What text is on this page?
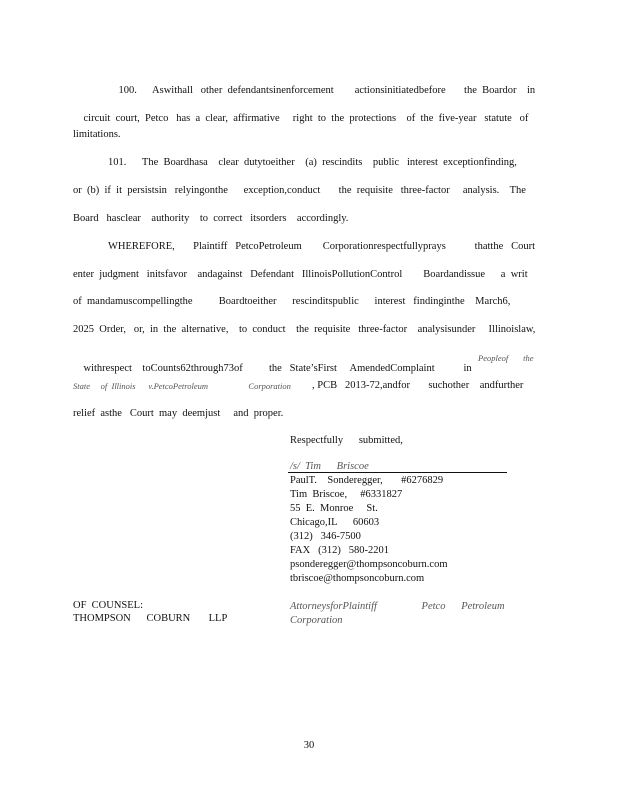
100.      Aswithall   other  defendantsinenforcement        actionsinitiatedbefore       the  Boardor    in

circuit  court,  Petco   has  a  clear,  affirmative     right  to  the  protections    of  the  five-year   statute   of

limitations.
101.      The  Boardhasa    clear  dutytoeither    (a)  rescindits    public   interest  exceptionfinding,
or  (b)  if  it  persistsin   relyingonthe      exception,conduct       the  requisite   three-factor     analysis.    The
Board   hasclear    authority    to  correct   itsorders    accordingly.
WHEREFORE,       Plaintiff   PetcoPetroleum        Corporationrespectfullyprays           thatthe   Court
enter  judgment   initsfavor    andagainst   Defendant   IllinoisPollutionControl        Boardandissue      a  writ
of  mandamuscompellingthe          Boardtoeither      rescinditspublic      interest   findinginthe    March6,
2025  Order,   or,  in  the  alternative,    to  conduct    the  requisite   three-factor    analysisunder     Illinoislaw,

withrespect    toCounts62through73of          the   State’sFirst     AmendedComplaint           in

Peopleof       the
State     of  Illinois      v.PetcoPetroleum                   Corporation , PCB   2013-72,andfor       suchother    andfurther
relief  asthe   Court  may  deemjust     and  proper.
Respectfully      submitted,
/s/  Tim      Briscoe
PaulT.    Sonderegger,       #6276829
Tim  Briscoe,     #6331827
55  E.  Monroe     St.
Chicago,IL      60603
(312)   346-7500
FAX   (312)   580-2201
psonderegger@thompsoncoburn.com
tbriscoe@thompsoncoburn.com
AttorneysforPlaintiff                 Petco      Petroleum
Corporation
OF  COUNSEL:
THOMPSON      COBURN       LLP
30
